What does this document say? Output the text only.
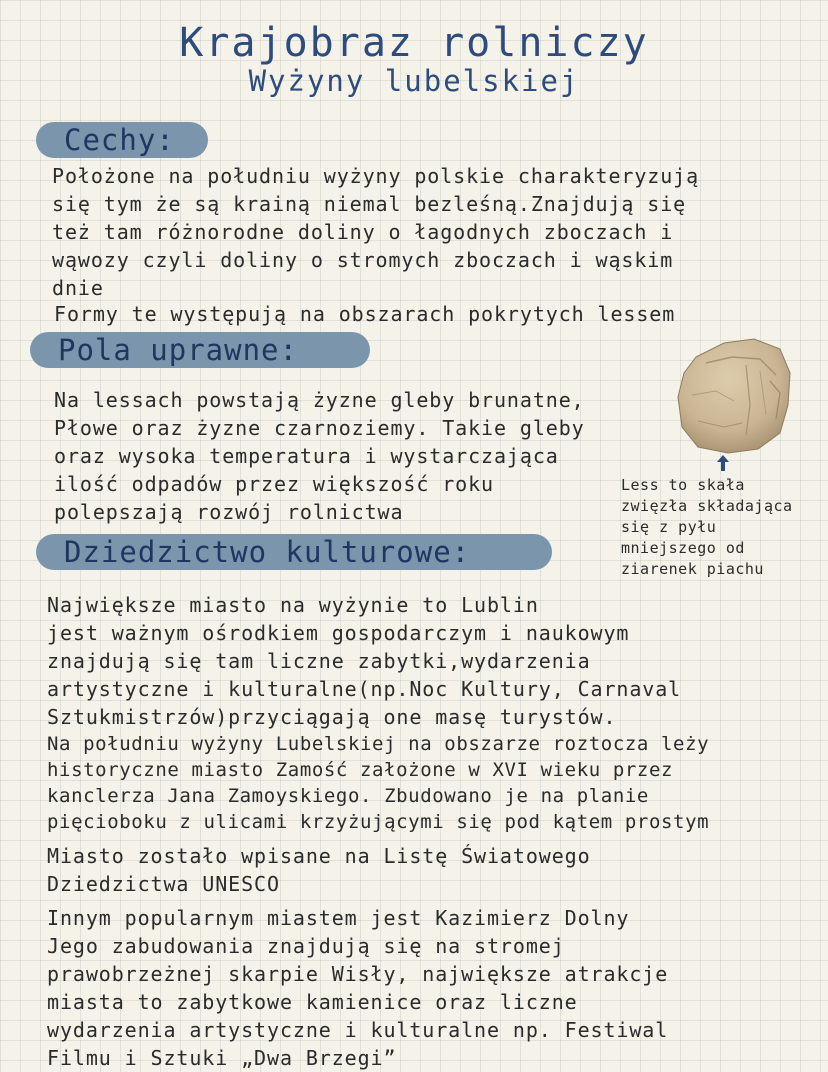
Krajobraz rolniczy
Wyżyny lubelskiej
Cechy:

Położone na południu wyżyny polskie charakteryzują
się tym że są krainą niemal bezleśną.Znajdują się
też tam różnorodne doliny o łagodnych zboczach i
wąwozy czyli doliny o stromych zboczach i wąskim
dnie

Formy te występują na obszarach pokrytych lessem

Pola uprawne:

Na lessach powstają żyzne gleby brunatne,
Płowe oraz żyzne czarnoziemy. Takie gleby
oraz wysoka temperatura i wystarczająca
ilość odpadów przez większość roku
polepszają rozwój rolnictwa

Less to skała
zwięzła składająca
się z pyłu
mniejszego od
ziarenek piachu

Dziedzictwo kulturowe:

Największe miasto na wyżynie to Lublin
jest ważnym ośrodkiem gospodarczym i naukowym
znajdują się tam liczne zabytki,wydarzenia
artystyczne i kulturalne(np.Noc Kultury, Carnaval
Sztukmistrzów)przyciągają one masę turystów.

Na południu wyżyny Lubelskiej na obszarze roztocza leży
historyczne miasto Zamość założone w XVI wieku przez
kanclerza Jana Zamoyskiego. Zbudowano je na planie
pięcioboku z ulicami krzyżującymi się pod kątem prostym

Miasto zostało wpisane na Listę Światowego
Dziedzictwa UNESCO

Innym popularnym miastem jest Kazimierz Dolny
Jego zabudowania znajdują się na stromej
prawobrzeżnej skarpie Wisły, największe atrakcje
miasta to zabytkowe kamienice oraz liczne
wydarzenia artystyczne i kulturalne np. Festiwal
Filmu i Sztuki „Dwa Brzegi”
